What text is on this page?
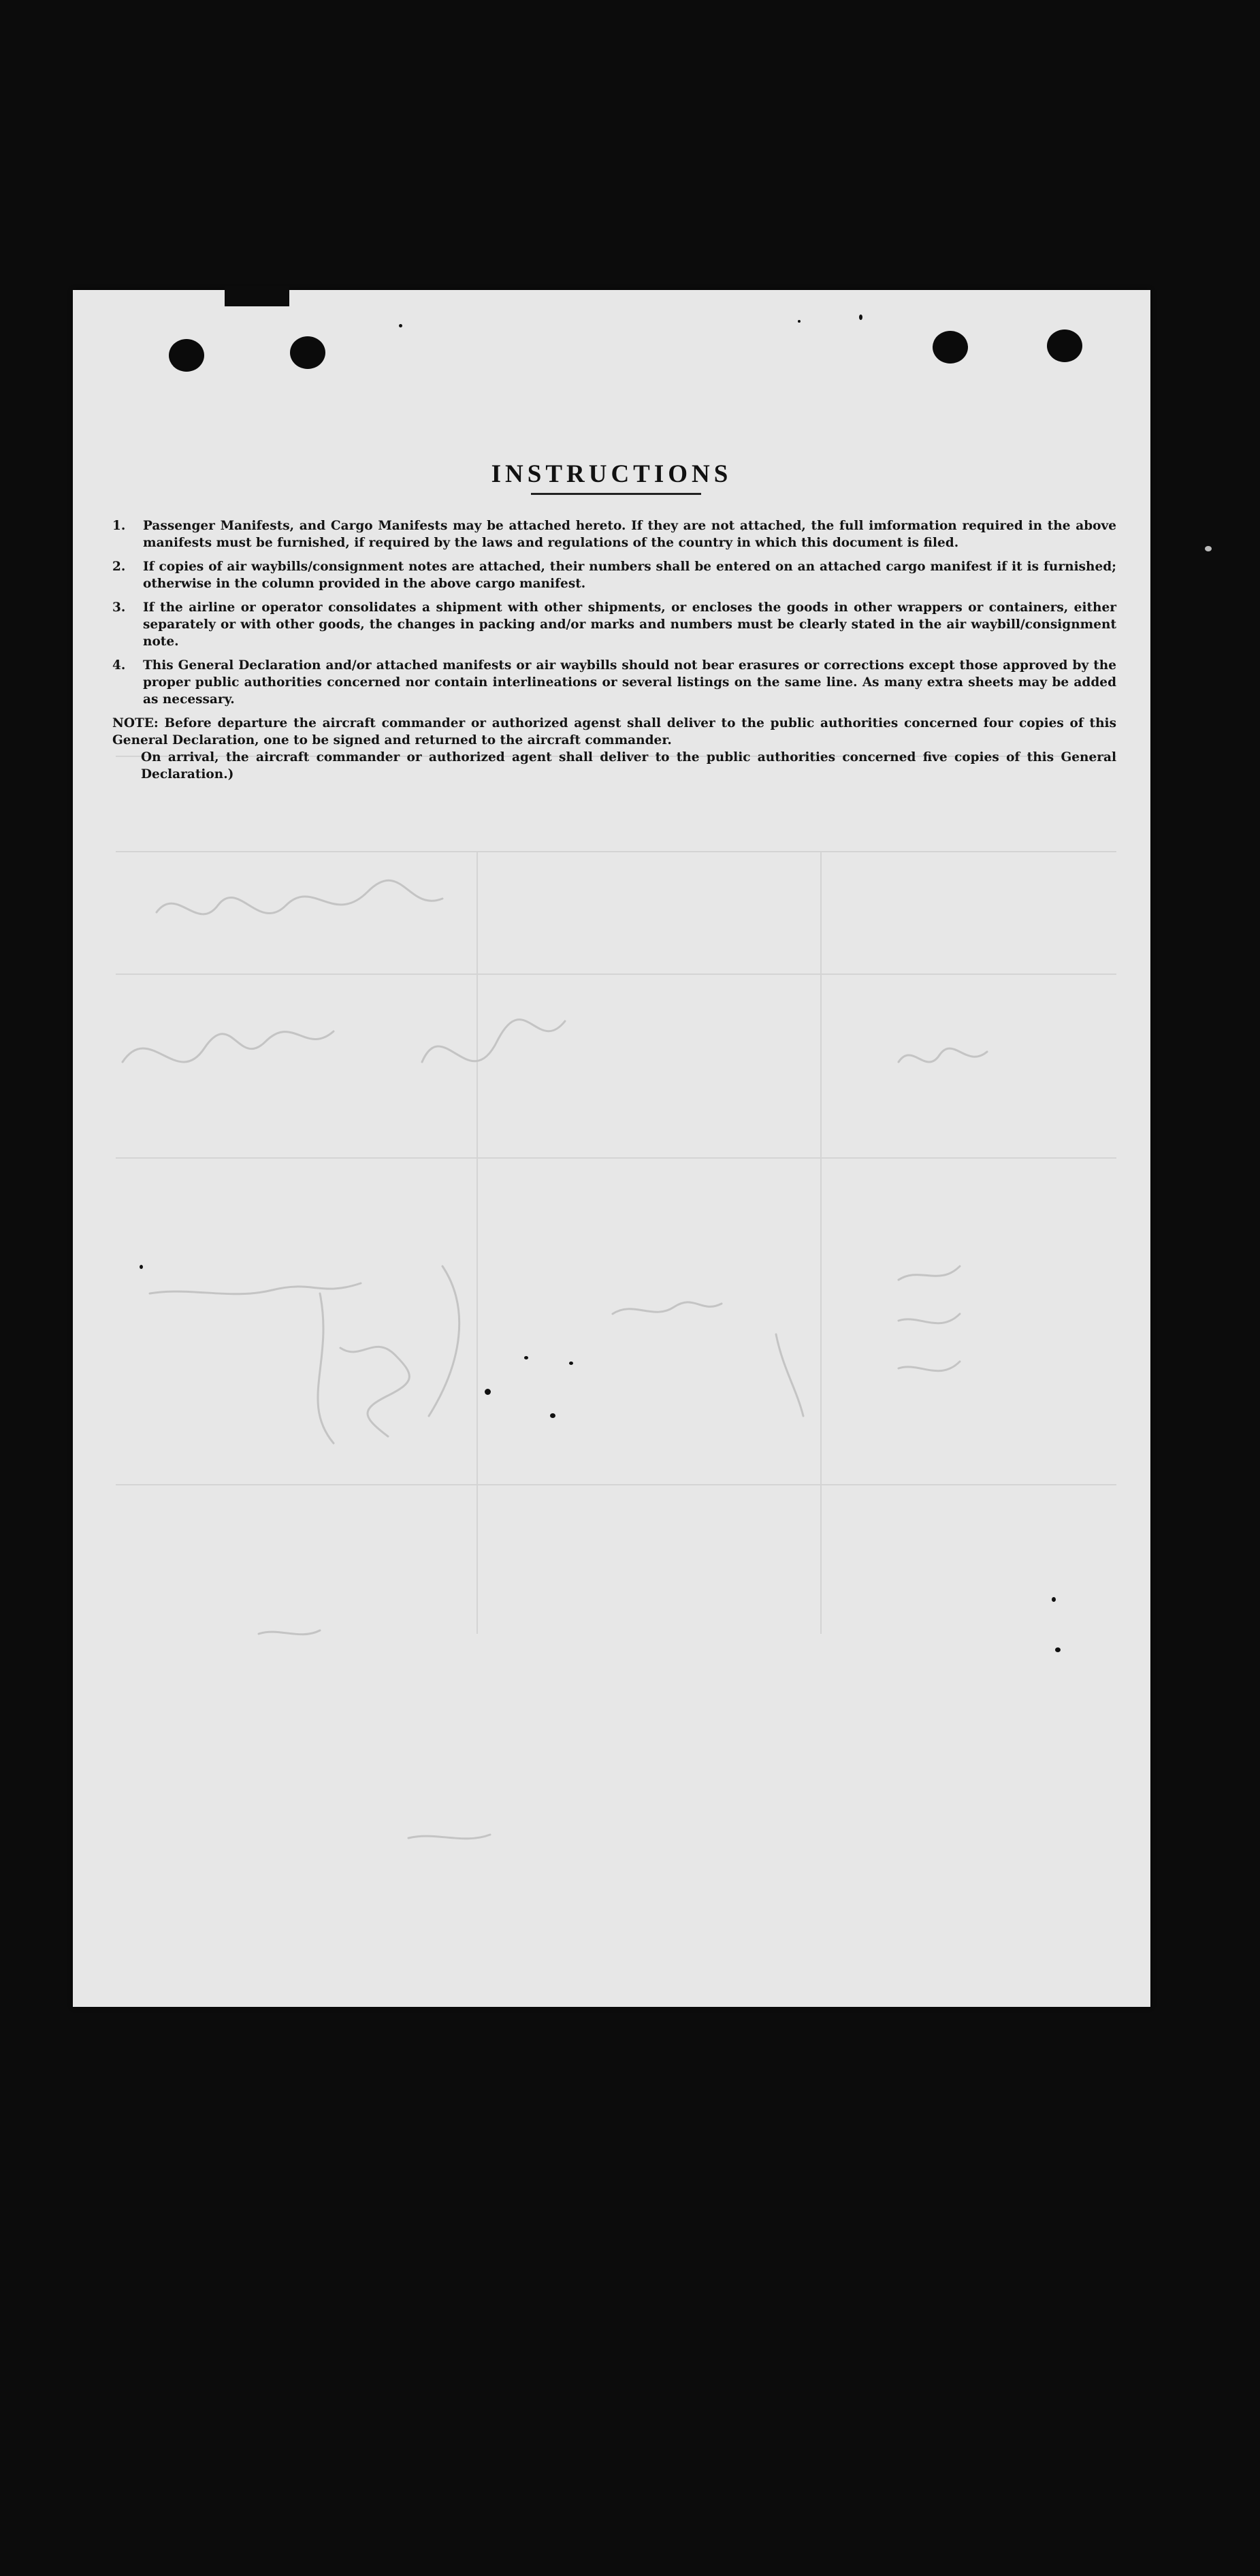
INSTRUCTIONS
1.	Passenger Manifests, and Cargo Manifests may be attached hereto. If they are not attached, the full imformation required in the above manifests must be furnished, if required by the laws and regulations of the country in which this document is filed.
2.	If copies of air waybills/consignment notes are attached, their numbers shall be entered on an attached cargo manifest if it is furnished; otherwise in the column provided in the above cargo manifest.
3.	If the airline or operator consolidates a shipment with other shipments, or encloses the goods in other wrappers or containers, either separately or with other goods, the changes in packing and/or marks and numbers must be clearly stated in the air waybill/consignment note.
4.	This General Declaration and/or attached manifests or air waybills should not bear erasures or corrections except those approved by the proper public authorities concerned nor contain interlineations or several listings on the same line. As many extra sheets may be added as necessary.

NOTE: Before departure the aircraft commander or authorized agenst shall deliver to the public authorities concerned four copies of this General Declaration, one to be signed and returned to the aircraft commander.

On arrival, the aircraft commander or authorized agent shall deliver to the public authorities concerned five copies of this General Declaration.)
